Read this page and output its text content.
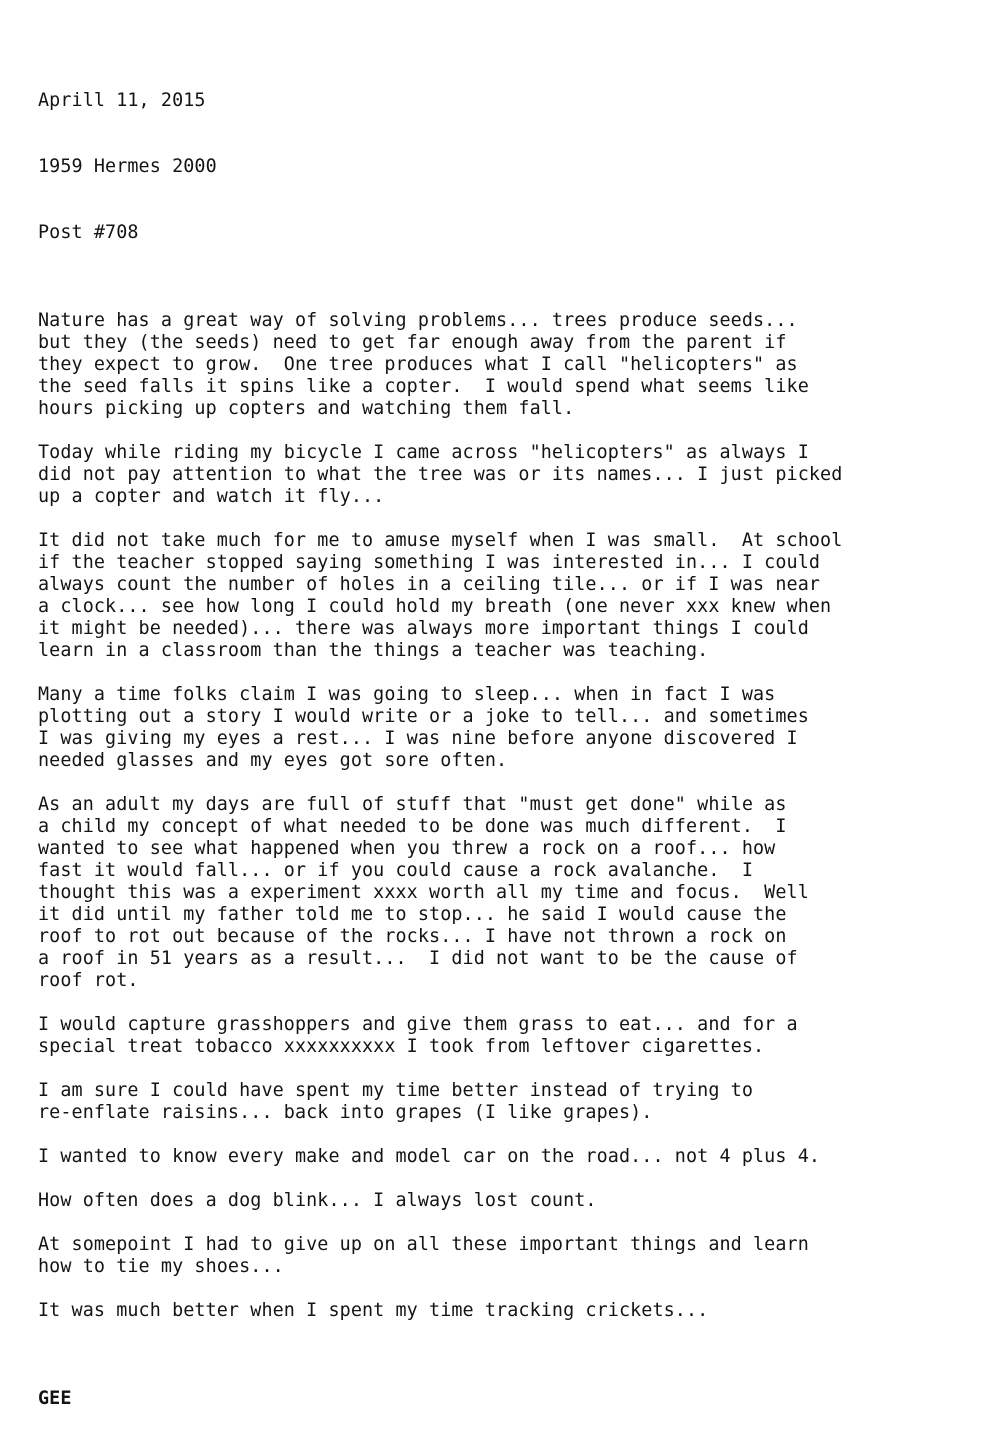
Aprill 11, 2015

1959 Hermes 2000

Post #708

Nature has a great way of solving problems... trees produce seeds...
but they (the seeds) need to get far enough away from the parent if
they expect to grow.  One tree produces what I call "helicopters" as
the seed falls it spins like a copter.  I would spend what seems like
hours picking up copters and watching them fall.
Today while riding my bicycle I came across "helicopters" as always I
did not pay attention to what the tree was or its names... I just picked
up a copter and watch it fly...
It did not take much for me to amuse myself when I was small.  At school
if the teacher stopped saying something I was interested in... I could
always count the number of holes in a ceiling tile... or if I was near
a clock... see how long I could hold my breath (one never xxx knew when
it might be needed)... there was always more important things I could
learn in a classroom than the things a teacher was teaching.
Many a time folks claim I was going to sleep... when in fact I was
plotting out a story I would write or a joke to tell... and sometimes
I was giving my eyes a rest... I was nine before anyone discovered I
needed glasses and my eyes got sore often.
As an adult my days are full of stuff that "must get done" while as
a child my concept of what needed to be done was much different.  I
wanted to see what happened when you threw a rock on a roof... how
fast it would fall... or if you could cause a rock avalanche.  I
thought this was a experiment xxxx worth all my time and focus.  Well
it did until my father told me to stop... he said I would cause the
roof to rot out because of the rocks... I have not thrown a rock on
a roof in 51 years as a result...  I did not want to be the cause of
roof rot.
I would capture grasshoppers and give them grass to eat... and for a
special treat tobacco xxxxxxxxxx I took from leftover cigarettes.
I am sure I could have spent my time better instead of trying to
re-enflate raisins... back into grapes (I like grapes).
I wanted to know every make and model car on the road... not 4 plus 4.
How often does a dog blink... I always lost count.
At somepoint I had to give up on all these important things and learn
how to tie my shoes...
It was much better when I spent my time tracking crickets...

GEE
